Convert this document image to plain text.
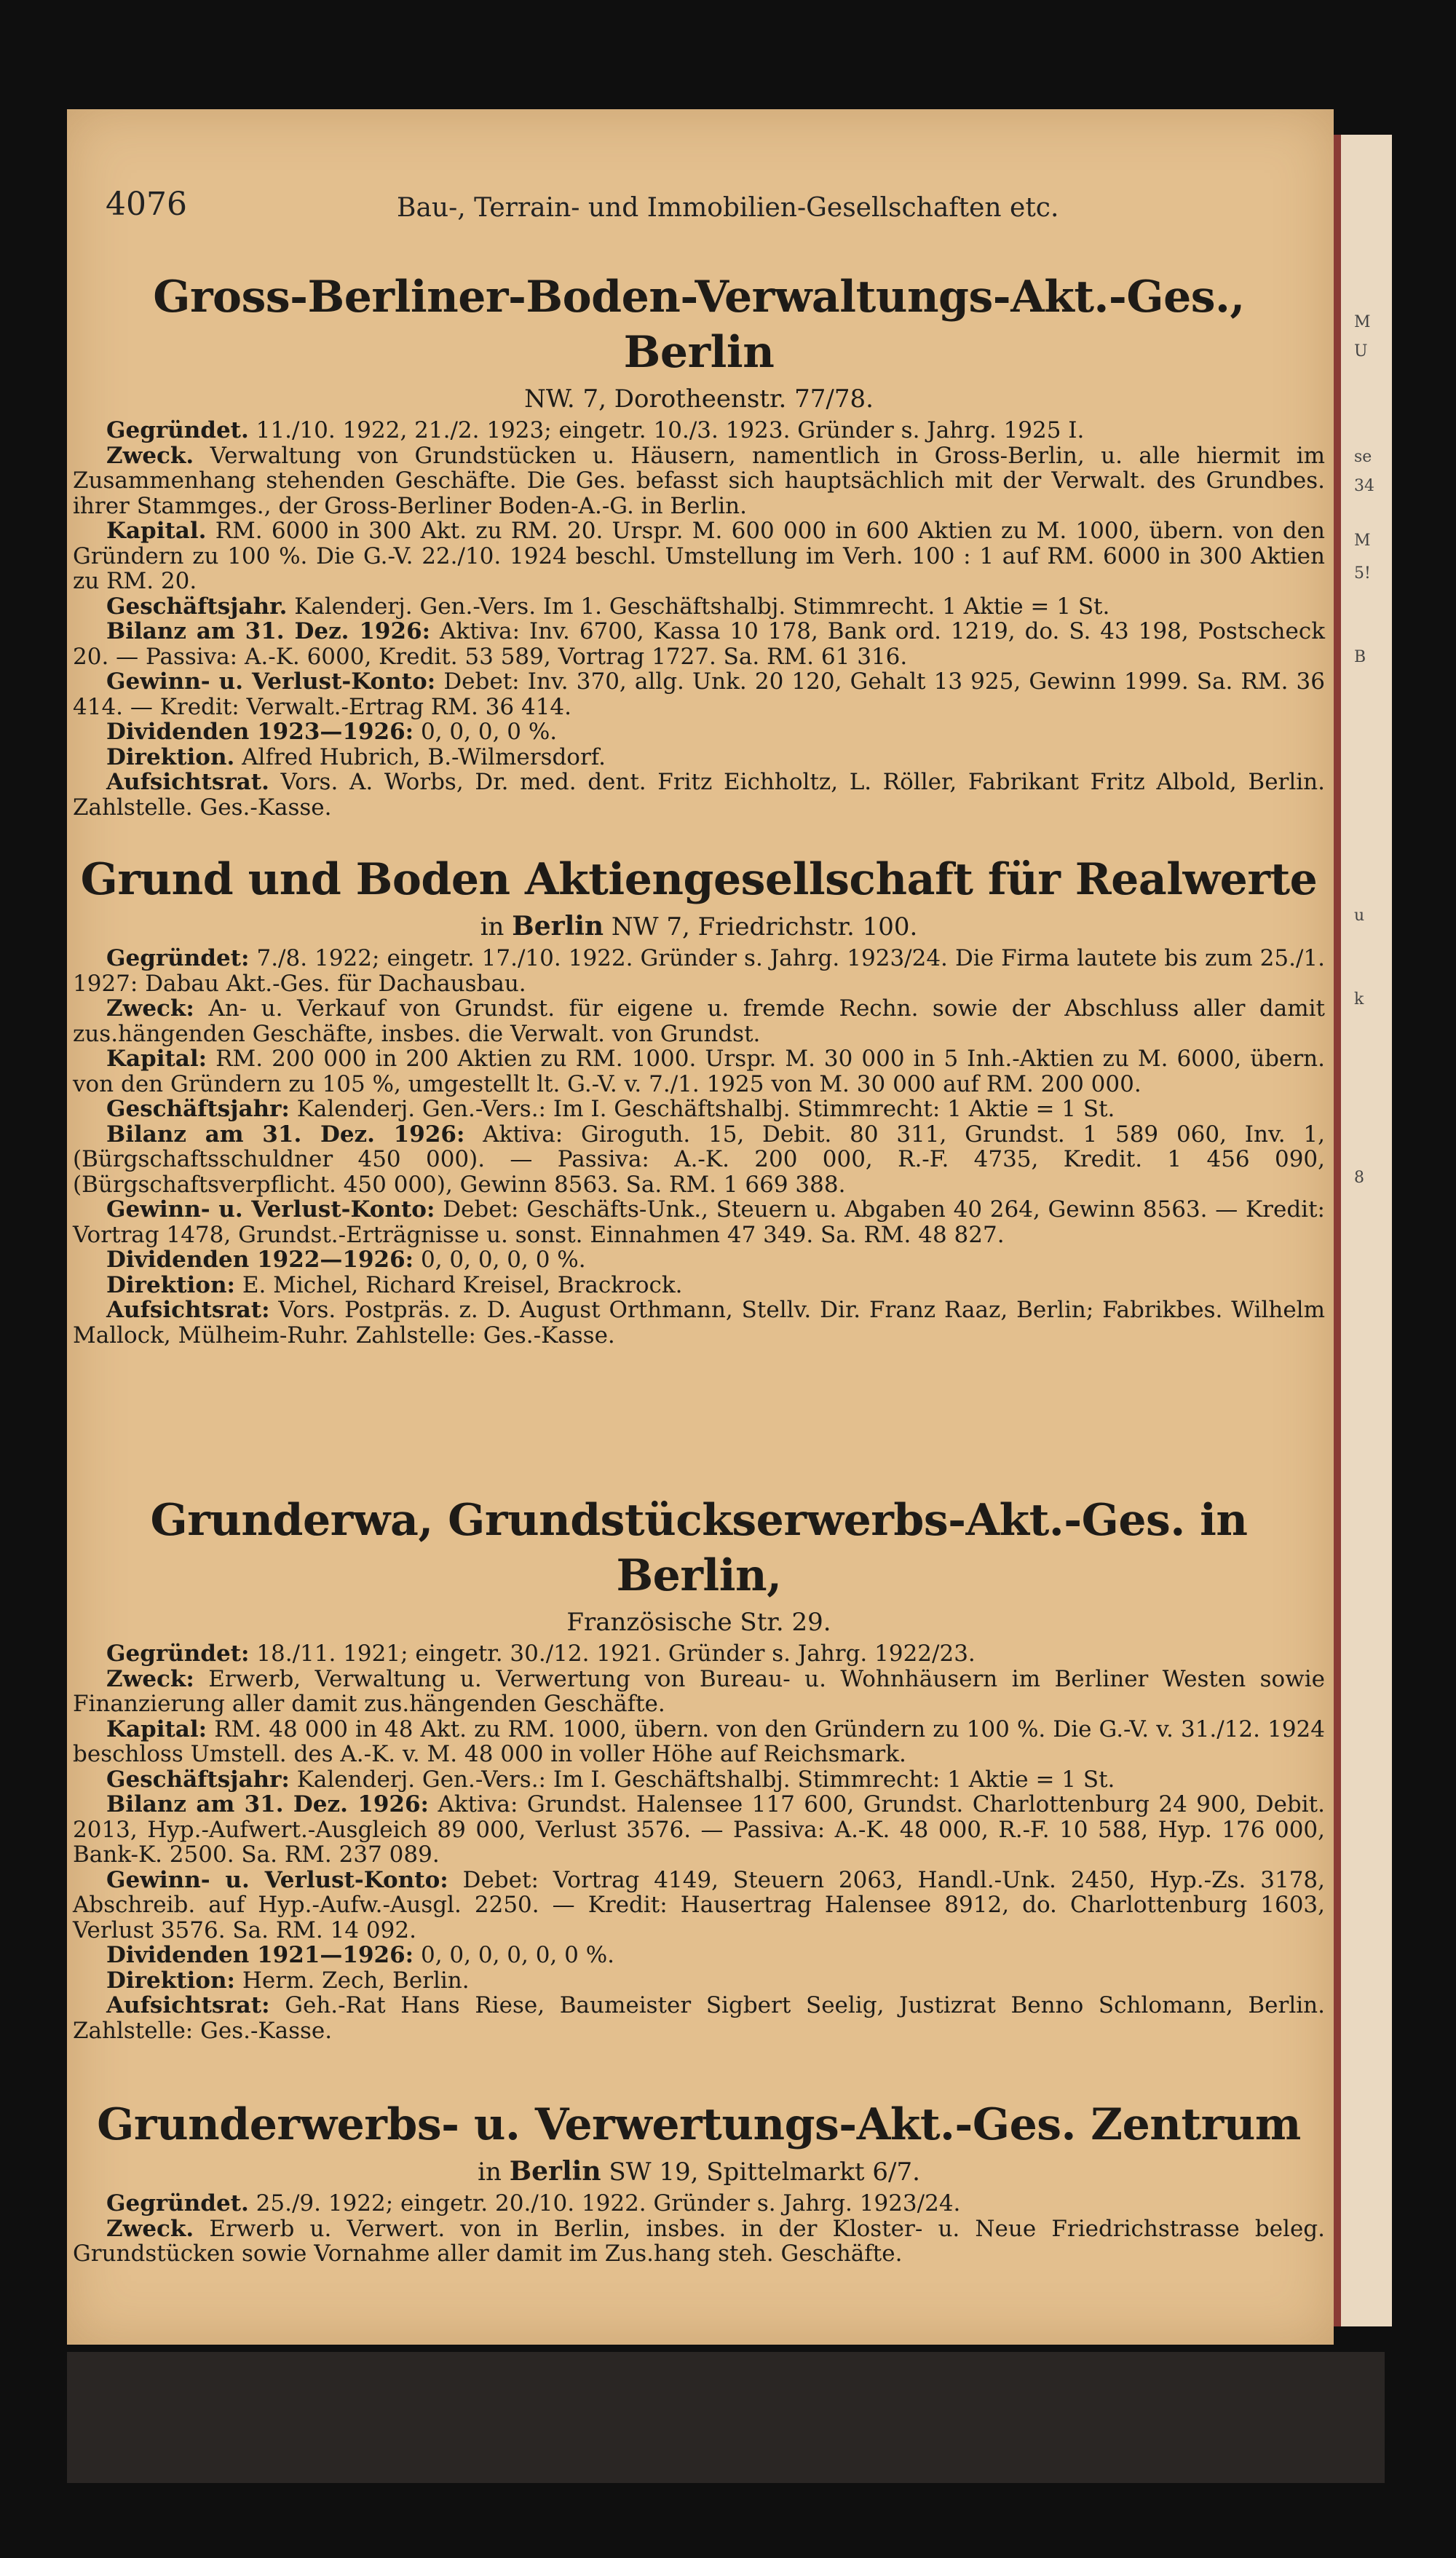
M
U
se
34
M
5!
B
u
k
8
4076	Bau-, Terrain- und Immobilien-Gesellschaften etc.
Gross-Berliner-Boden-Verwaltungs-Akt.-Ges., Berlin
NW. 7, Dorotheenstr. 77/78.

Gegründet. 11./10. 1922, 21./2. 1923; eingetr. 10./3. 1923. Gründer s. Jahrg. 1925 I.

Zweck. Verwaltung von Grundstücken u. Häusern, namentlich in Gross-Berlin, u. alle hiermit im Zusammenhang stehenden Geschäfte. Die Ges. befasst sich hauptsächlich mit der Verwalt. des Grundbes. ihrer Stammges., der Gross-Berliner Boden-A.-G. in Berlin.

Kapital. RM. 6000 in 300 Akt. zu RM. 20. Urspr. M. 600 000 in 600 Aktien zu M. 1000, übern. von den Gründern zu 100 %. Die G.-V. 22./10. 1924 beschl. Umstellung im Verh. 100 : 1 auf RM. 6000 in 300 Aktien zu RM. 20.

Geschäftsjahr. Kalenderj. Gen.-Vers. Im 1. Geschäftshalbj. Stimmrecht. 1 Aktie = 1 St.

Bilanz am 31. Dez. 1926: Aktiva: Inv. 6700, Kassa 10 178, Bank ord. 1219, do. S. 43 198, Postscheck 20. — Passiva: A.-K. 6000, Kredit. 53 589, Vortrag 1727. Sa. RM. 61 316.

Gewinn- u. Verlust-Konto: Debet: Inv. 370, allg. Unk. 20 120, Gehalt 13 925, Gewinn 1999. Sa. RM. 36 414. — Kredit: Verwalt.-Ertrag RM. 36 414.

Dividenden 1923—1926: 0, 0, 0, 0 %.

Direktion. Alfred Hubrich, B.-Wilmersdorf.

Aufsichtsrat. Vors. A. Worbs, Dr. med. dent. Fritz Eichholtz, L. Röller, Fabrikant Fritz Albold, Berlin. Zahlstelle. Ges.-Kasse.

Grund und Boden Aktiengesellschaft für Realwerte
in Berlin NW 7, Friedrichstr. 100.

Gegründet: 7./8. 1922; eingetr. 17./10. 1922. Gründer s. Jahrg. 1923/24. Die Firma lautete bis zum 25./1. 1927: Dabau Akt.-Ges. für Dachausbau.

Zweck: An- u. Verkauf von Grundst. für eigene u. fremde Rechn. sowie der Abschluss aller damit zus.hängenden Geschäfte, insbes. die Verwalt. von Grundst.

Kapital: RM. 200 000 in 200 Aktien zu RM. 1000. Urspr. M. 30 000 in 5 Inh.-Aktien zu M. 6000, übern. von den Gründern zu 105 %, umgestellt lt. G.-V. v. 7./1. 1925 von M. 30 000 auf RM. 200 000.

Geschäftsjahr: Kalenderj. Gen.-Vers.: Im I. Geschäftshalbj. Stimmrecht: 1 Aktie = 1 St.

Bilanz am 31. Dez. 1926: Aktiva: Giroguth. 15, Debit. 80 311, Grundst. 1 589 060, Inv. 1, (Bürgschaftsschuldner 450 000). — Passiva: A.-K. 200 000, R.-F. 4735, Kredit. 1 456 090, (Bürgschaftsverpflicht. 450 000), Gewinn 8563. Sa. RM. 1 669 388.

Gewinn- u. Verlust-Konto: Debet: Geschäfts-Unk., Steuern u. Abgaben 40 264, Gewinn 8563. — Kredit: Vortrag 1478, Grundst.-Erträgnisse u. sonst. Einnahmen 47 349. Sa. RM. 48 827.

Dividenden 1922—1926: 0, 0, 0, 0, 0 %.

Direktion: E. Michel, Richard Kreisel, Brackrock.

Aufsichtsrat: Vors. Postpräs. z. D. August Orthmann, Stellv. Dir. Franz Raaz, Berlin; Fabrikbes. Wilhelm Mallock, Mülheim-Ruhr. Zahlstelle: Ges.-Kasse.

Grunderwa, Grundstückserwerbs-Akt.-Ges. in Berlin,
Französische Str. 29.

Gegründet: 18./11. 1921; eingetr. 30./12. 1921. Gründer s. Jahrg. 1922/23.

Zweck: Erwerb, Verwaltung u. Verwertung von Bureau- u. Wohnhäusern im Berliner Westen sowie Finanzierung aller damit zus.hängenden Geschäfte.

Kapital: RM. 48 000 in 48 Akt. zu RM. 1000, übern. von den Gründern zu 100 %. Die G.-V. v. 31./12. 1924 beschloss Umstell. des A.-K. v. M. 48 000 in voller Höhe auf Reichsmark.

Geschäftsjahr: Kalenderj. Gen.-Vers.: Im I. Geschäftshalbj. Stimmrecht: 1 Aktie = 1 St.

Bilanz am 31. Dez. 1926: Aktiva: Grundst. Halensee 117 600, Grundst. Charlottenburg 24 900, Debit. 2013, Hyp.-Aufwert.-Ausgleich 89 000, Verlust 3576. — Passiva: A.-K. 48 000, R.-F. 10 588, Hyp. 176 000, Bank-K. 2500. Sa. RM. 237 089.

Gewinn- u. Verlust-Konto: Debet: Vortrag 4149, Steuern 2063, Handl.-Unk. 2450, Hyp.-Zs. 3178, Abschreib. auf Hyp.-Aufw.-Ausgl. 2250. — Kredit: Hausertrag Halensee 8912, do. Charlottenburg 1603, Verlust 3576. Sa. RM. 14 092.

Dividenden 1921—1926: 0, 0, 0, 0, 0, 0 %.

Direktion: Herm. Zech, Berlin.

Aufsichtsrat: Geh.-Rat Hans Riese, Baumeister Sigbert Seelig, Justizrat Benno Schlomann, Berlin. Zahlstelle: Ges.-Kasse.

Grunderwerbs- u. Verwertungs-Akt.-Ges. Zentrum
in Berlin SW 19, Spittelmarkt 6/7.

Gegründet. 25./9. 1922; eingetr. 20./10. 1922. Gründer s. Jahrg. 1923/24.

Zweck. Erwerb u. Verwert. von in Berlin, insbes. in der Kloster- u. Neue Friedrichstrasse beleg. Grundstücken sowie Vornahme aller damit im Zus.hang steh. Geschäfte.
